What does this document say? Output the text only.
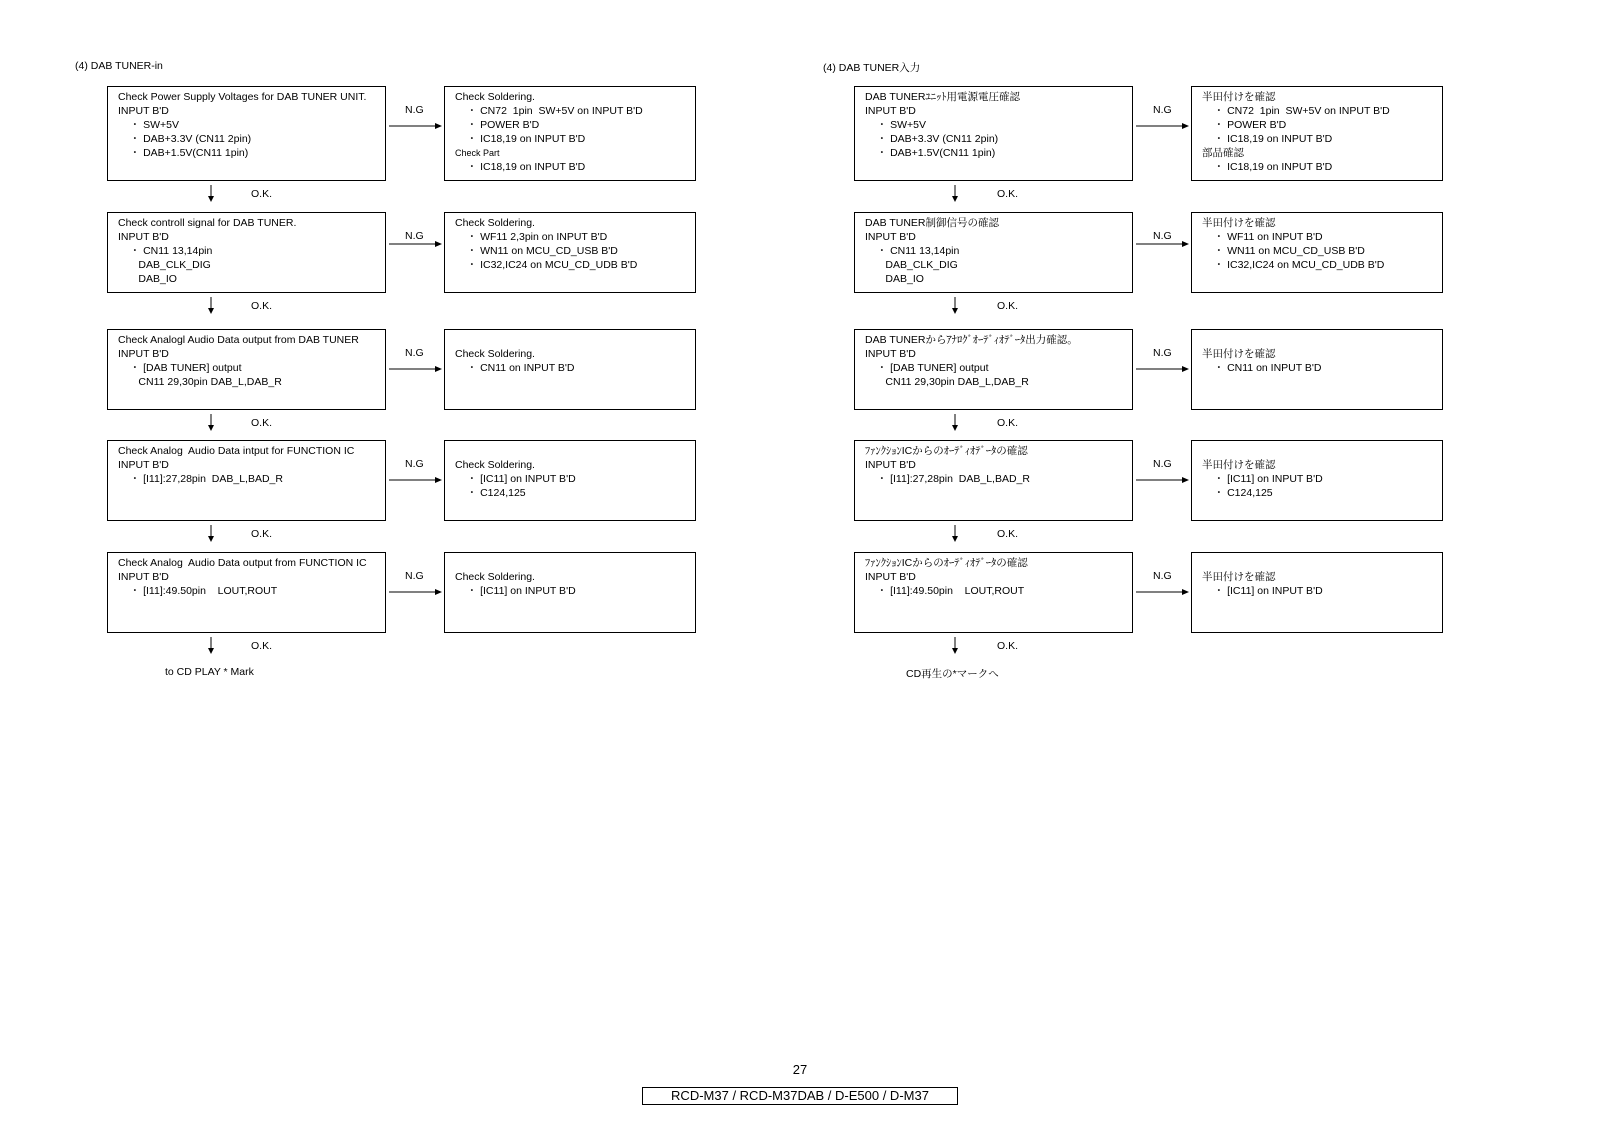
(4) DAB TUNER-in	(4) DAB TUNER入力
Check Power Supply Voltages for DAB TUNER UNIT.
INPUT B'D
・ SW+5V
・ DAB+3.3V (CN11 2pin)
・ DAB+1.5V(CN11 1pin)
Check Soldering.
・ CN72  1pin  SW+5V on INPUT B'D
・ POWER B'D
・ IC18,19 on INPUT B'D
Check Part
・ IC18,19 on INPUT B'D
N.G
O.K.
Check controll signal for DAB TUNER.
INPUT B'D
・ CN11 13,14pin
DAB_CLK_DIG
DAB_IO
Check Soldering.
・ WF11 2,3pin on INPUT B'D
・ WN11 on MCU_CD_USB B'D
・ IC32,IC24 on MCU_CD_UDB B'D
N.G
O.K.
Check Analogl Audio Data output from DAB TUNER
INPUT B'D
・ [DAB TUNER] output
CN11 29,30pin DAB_L,DAB_R
Check Soldering.
・ CN11 on INPUT B'D
N.G
O.K.
Check Analog  Audio Data intput for FUNCTION IC
INPUT B'D
・ [I11]:27,28pin  DAB_L,BAD_R
Check Soldering.
・ [IC11] on INPUT B'D
・ C124,125
N.G
O.K.
Check Analog  Audio Data output from FUNCTION IC
INPUT B'D
・ [I11]:49.50pin    LOUT,ROUT
Check Soldering.
・ [IC11] on INPUT B'D
N.G
O.K.
DAB TUNERﾕﾆｯﾄ用電源電圧確認
INPUT B'D
・ SW+5V
・ DAB+3.3V (CN11 2pin)
・ DAB+1.5V(CN11 1pin)
半田付けを確認
・ CN72  1pin  SW+5V on INPUT B'D
・ POWER B'D
・ IC18,19 on INPUT B'D
部品確認
・ IC18,19 on INPUT B'D
N.G
O.K.
DAB TUNER制御信号の確認
INPUT B'D
・ CN11 13,14pin
DAB_CLK_DIG
DAB_IO
半田付けを確認
・ WF11 on INPUT B'D
・ WN11 on MCU_CD_USB B'D
・ IC32,IC24 on MCU_CD_UDB B'D
N.G
O.K.
DAB TUNERからｱﾅﾛｸﾞｵｰﾃﾞｨｵﾃﾞｰﾀ出力確認。
INPUT B'D
・ [DAB TUNER] output
CN11 29,30pin DAB_L,DAB_R
半田付けを確認
・ CN11 on INPUT B'D
N.G
O.K.
ﾌｧﾝｸｼｮﾝICからのｵｰﾃﾞｨｵﾃﾞｰﾀの確認
INPUT B'D
・ [I11]:27,28pin  DAB_L,BAD_R
半田付けを確認
・ [IC11] on INPUT B'D
・ C124,125
N.G
O.K.
ﾌｧﾝｸｼｮﾝICからのｵｰﾃﾞｨｵﾃﾞｰﾀの確認
INPUT B'D
・ [I11]:49.50pin    LOUT,ROUT
半田付けを確認
・ [IC11] on INPUT B'D
N.G
O.K.
to CD PLAY * Mark	CD再生の*マークへ
27
RCD-M37 / RCD-M37DAB / D-E500 / D-M37
